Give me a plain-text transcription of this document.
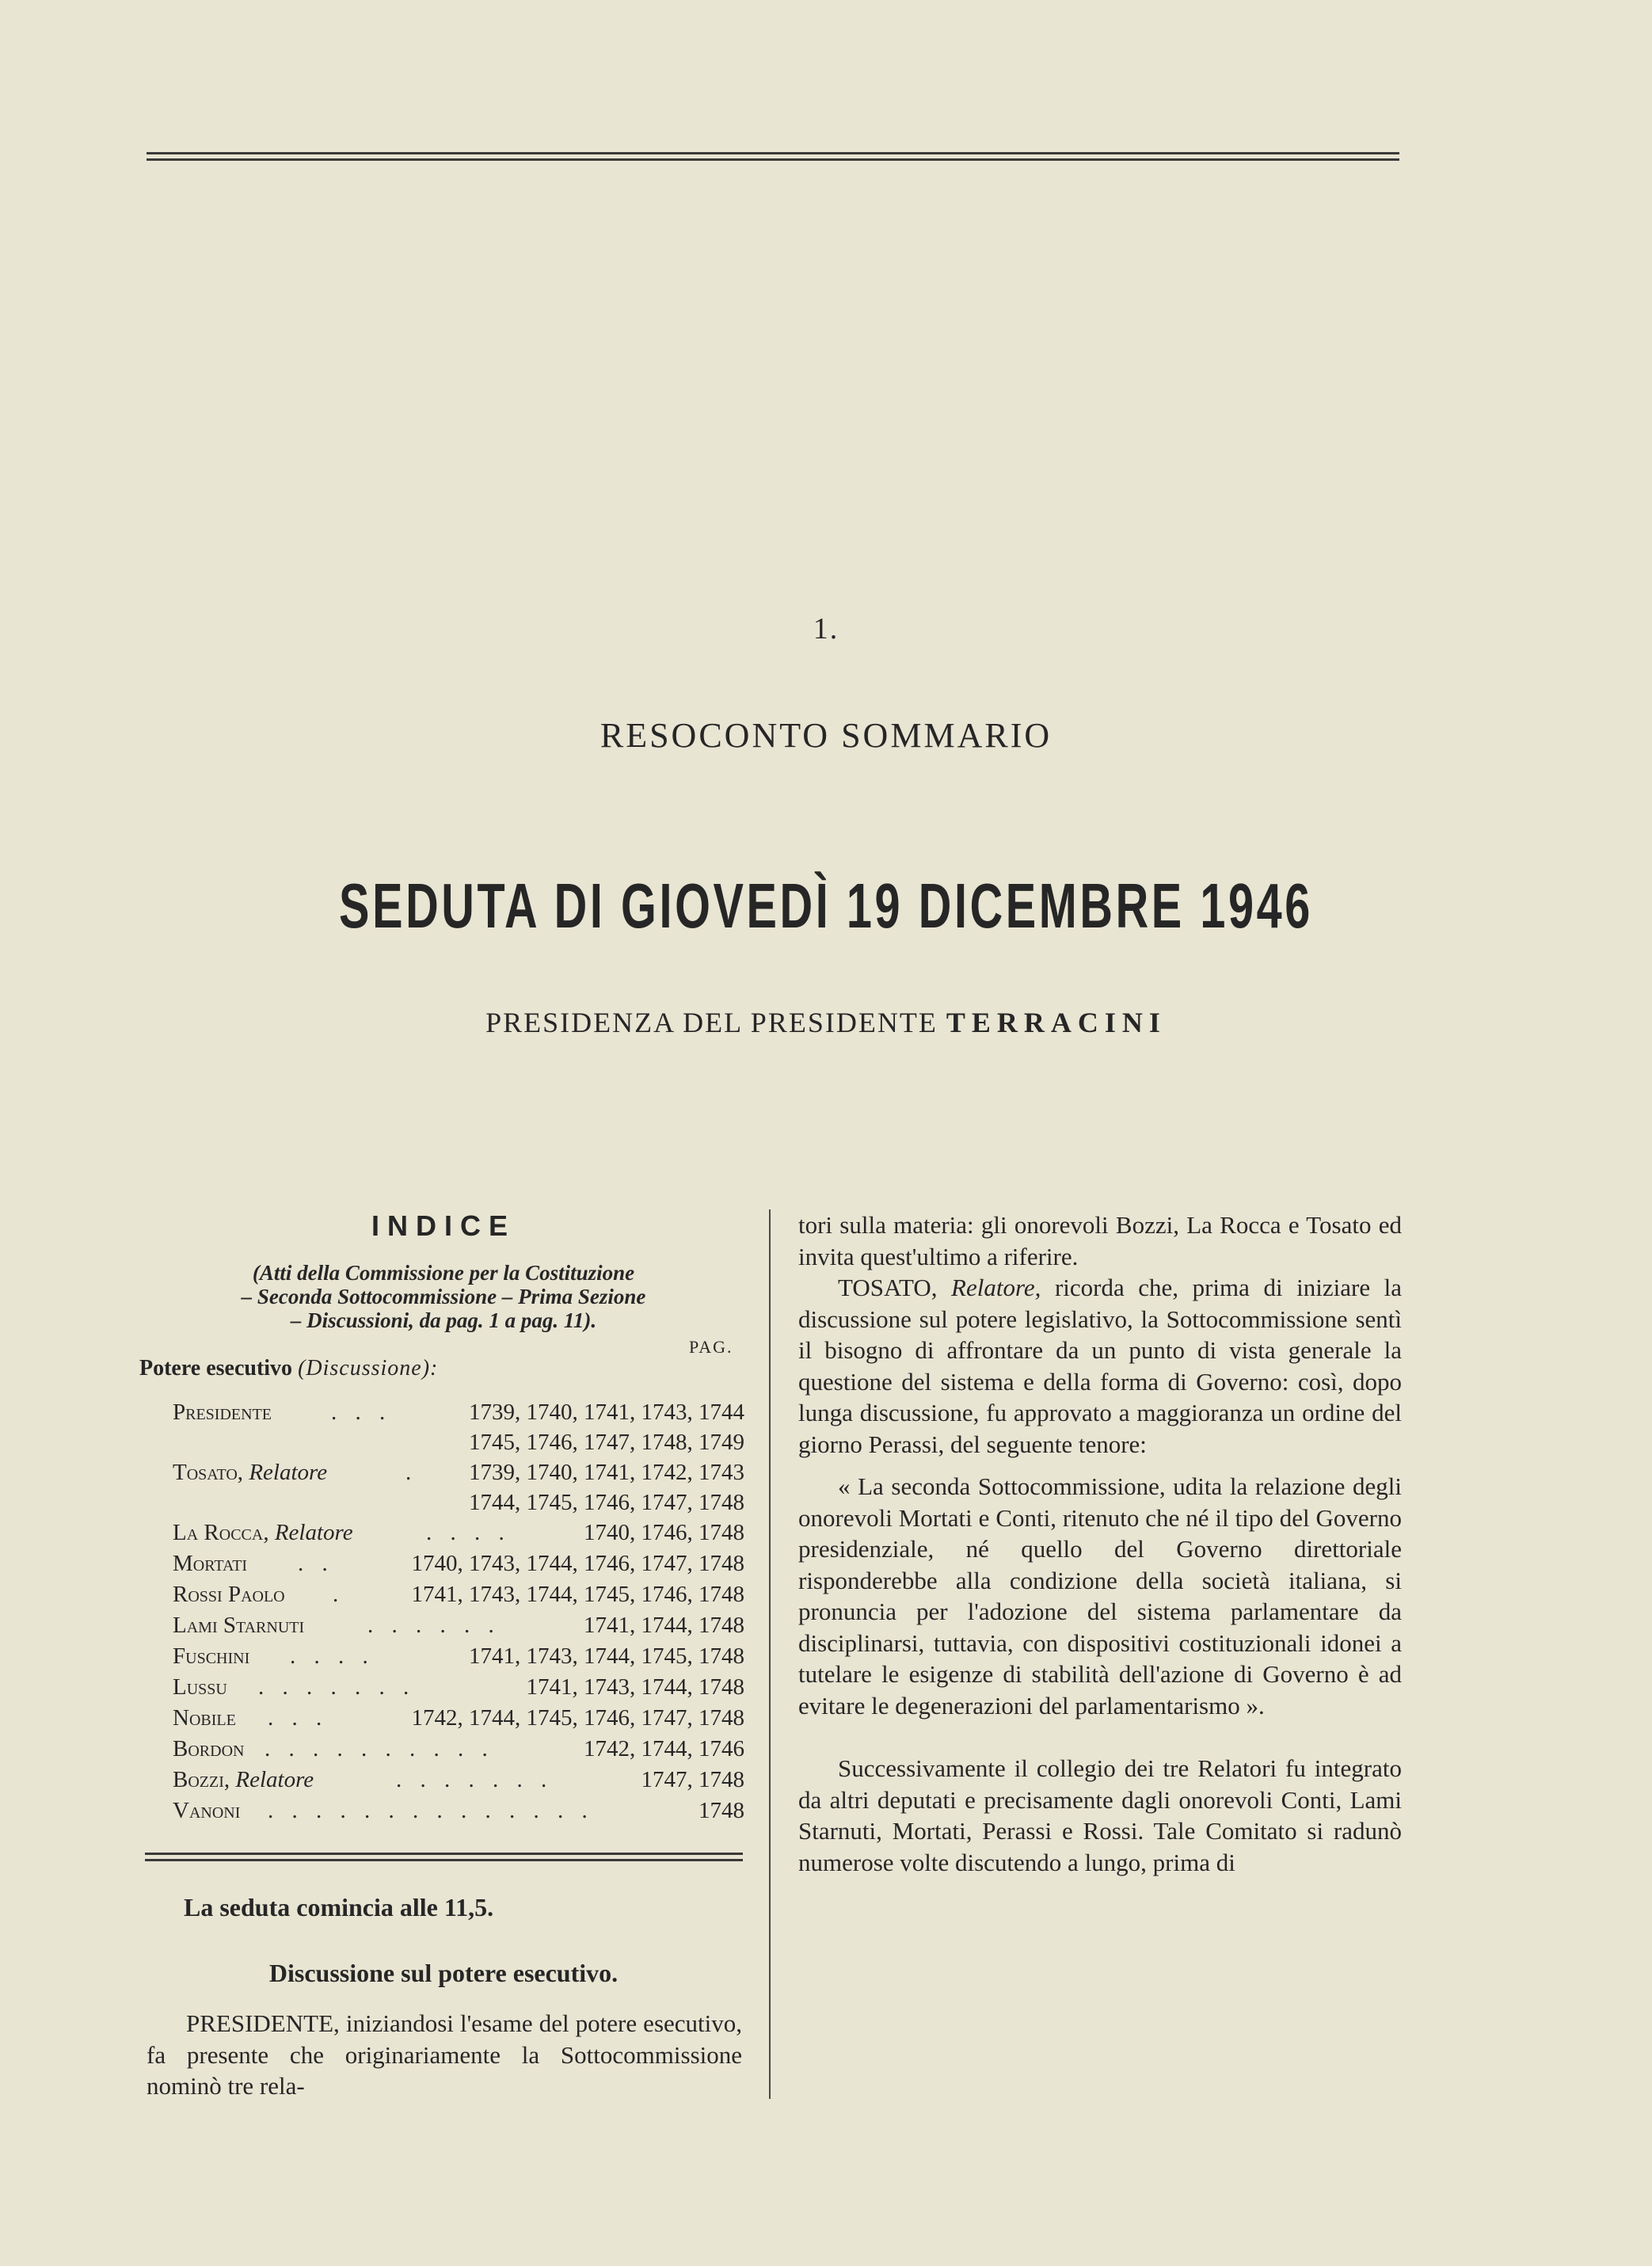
1.
RESOCONTO SOMMARIO
SEDUTA DI GIOVEDÌ 19 DICEMBRE 1946
PRESIDENZA DEL PRESIDENTE TERRACINI
INDICE
(Atti della Commissione per la Costituzione
– Seconda Sottocommissione – Prima Sezione
– Discussioni, da pag. 1 a pag. 11).
PAG.
Potere esecutivo (Discussione):
Presidente	. . .	1739, 1740, 1741, 1743, 1744
1745, 1746, 1747, 1748, 1749
Tosato, Relatore	. 1739, 1740, 1741, 1742, 1743
1744, 1745, 1746, 1747, 1748
La Rocca, Relatore	. . . .	1740, 1746, 1748
Mortati . .	1740, 1743, 1744, 1746, 1747, 1748
Rossi Paolo .	1741, 1743, 1744, 1745, 1746, 1748
Lami Starnuti	. . . . . .	1741, 1744, 1748
Fuschini . . . .	1741, 1743, 1744, 1745, 1748
Lussu . . . . . . .	1741, 1743, 1744, 1748
Nobile . . .	1742, 1744, 1745, 1746, 1747, 1748
Bordon . . . . . . . . . .	1742, 1744, 1746
Bozzi, Relatore	. . . . . . .	1747, 1748
Vanoni . . . . . . . . . . . . . .	1748
La seduta comincia alle 11,5.
Discussione sul potere esecutivo.

PRESIDENTE, iniziandosi l'esame del potere esecutivo, fa presente che originariamente la Sottocommissione nominò tre rela-

tori sulla materia: gli onorevoli Bozzi, La Rocca e Tosato ed invita quest'ultimo a riferire.

TOSATO, Relatore, ricorda che, prima di iniziare la discussione sul potere legislativo, la Sottocommissione sentì il bisogno di affrontare da un punto di vista generale la questione del sistema e della forma di Governo: così, dopo lunga discussione, fu approvato a maggioranza un ordine del giorno Perassi, del seguente tenore:

« La seconda Sottocommissione, udita la relazione degli onorevoli Mortati e Conti, ritenuto che né il tipo del Governo presidenziale, né quello del Governo direttoriale risponderebbe alla condizione della società italiana, si pronuncia per l'adozione del sistema parlamentare da disciplinarsi, tuttavia, con dispositivi costituzionali idonei a tutelare le esigenze di stabilità dell'azione di Governo è ad evitare le degenerazioni del parlamentarismo ».

Successivamente il collegio dei tre Relatori fu integrato da altri deputati e precisamente dagli onorevoli Conti, Lami Starnuti, Mortati, Perassi e Rossi. Tale Comitato si radunò numerose volte discutendo a lungo, prima di
